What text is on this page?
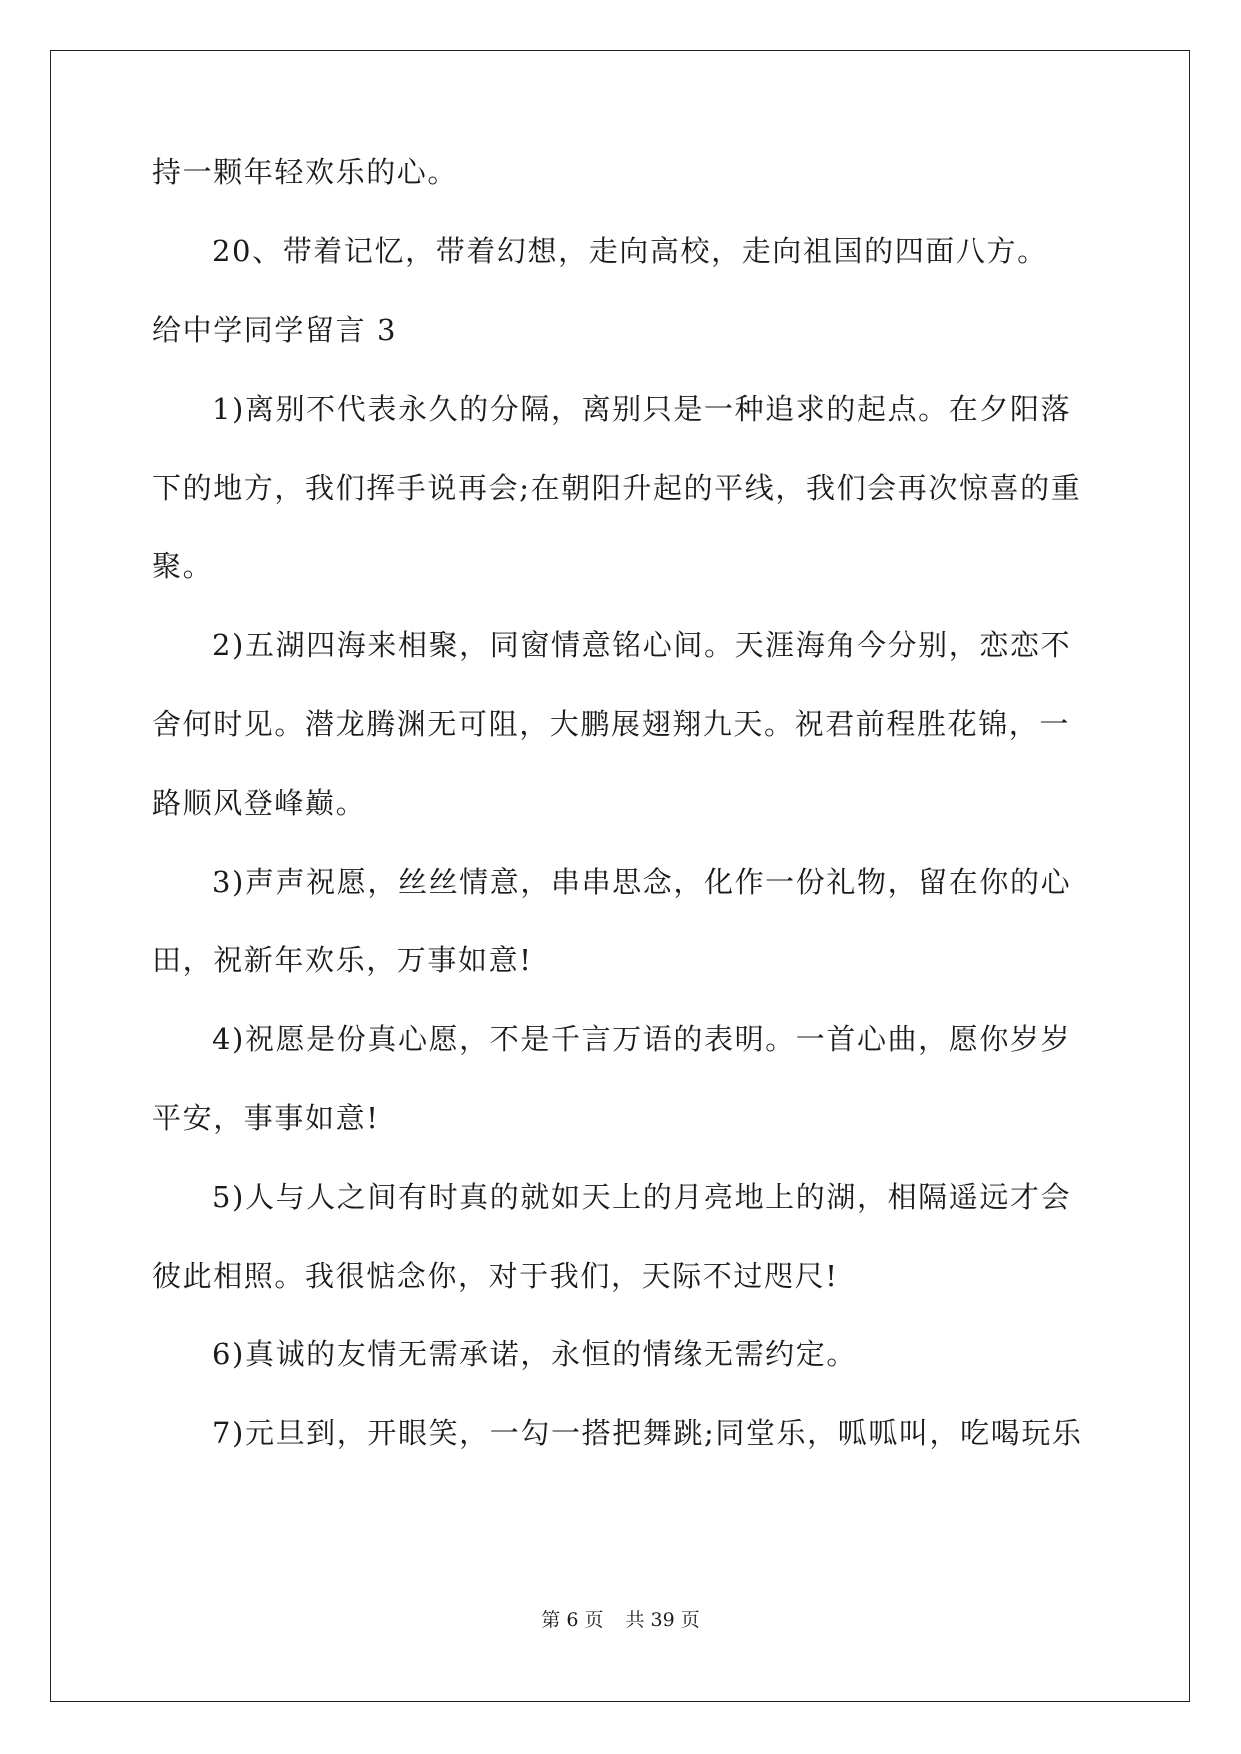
持一颗年轻欢乐的心。
20、带着记忆，带着幻想，走向高校，走向祖国的四面八方。
给中学同学留言 3
1)离别不代表永久的分隔，离别只是一种追求的起点。在夕阳落
下的地方，我们挥手说再会;在朝阳升起的平线，我们会再次惊喜的重
聚。
2)五湖四海来相聚，同窗情意铭心间。天涯海角今分别，恋恋不
舍何时见。潜龙腾渊无可阻，大鹏展翅翔九天。祝君前程胜花锦，一
路顺风登峰巅。
3)声声祝愿，丝丝情意，串串思念，化作一份礼物，留在你的心
田，祝新年欢乐，万事如意!
4)祝愿是份真心愿，不是千言万语的表明。一首心曲，愿你岁岁
平安，事事如意!
5)人与人之间有时真的就如天上的月亮地上的湖，相隔遥远才会
彼此相照。我很惦念你，对于我们，天际不过咫尺!
6)真诚的友情无需承诺，永恒的情缘无需约定。
7)元旦到，开眼笑，一勾一搭把舞跳;同堂乐，呱呱叫，吃喝玩乐
第 6 页 共 39 页
